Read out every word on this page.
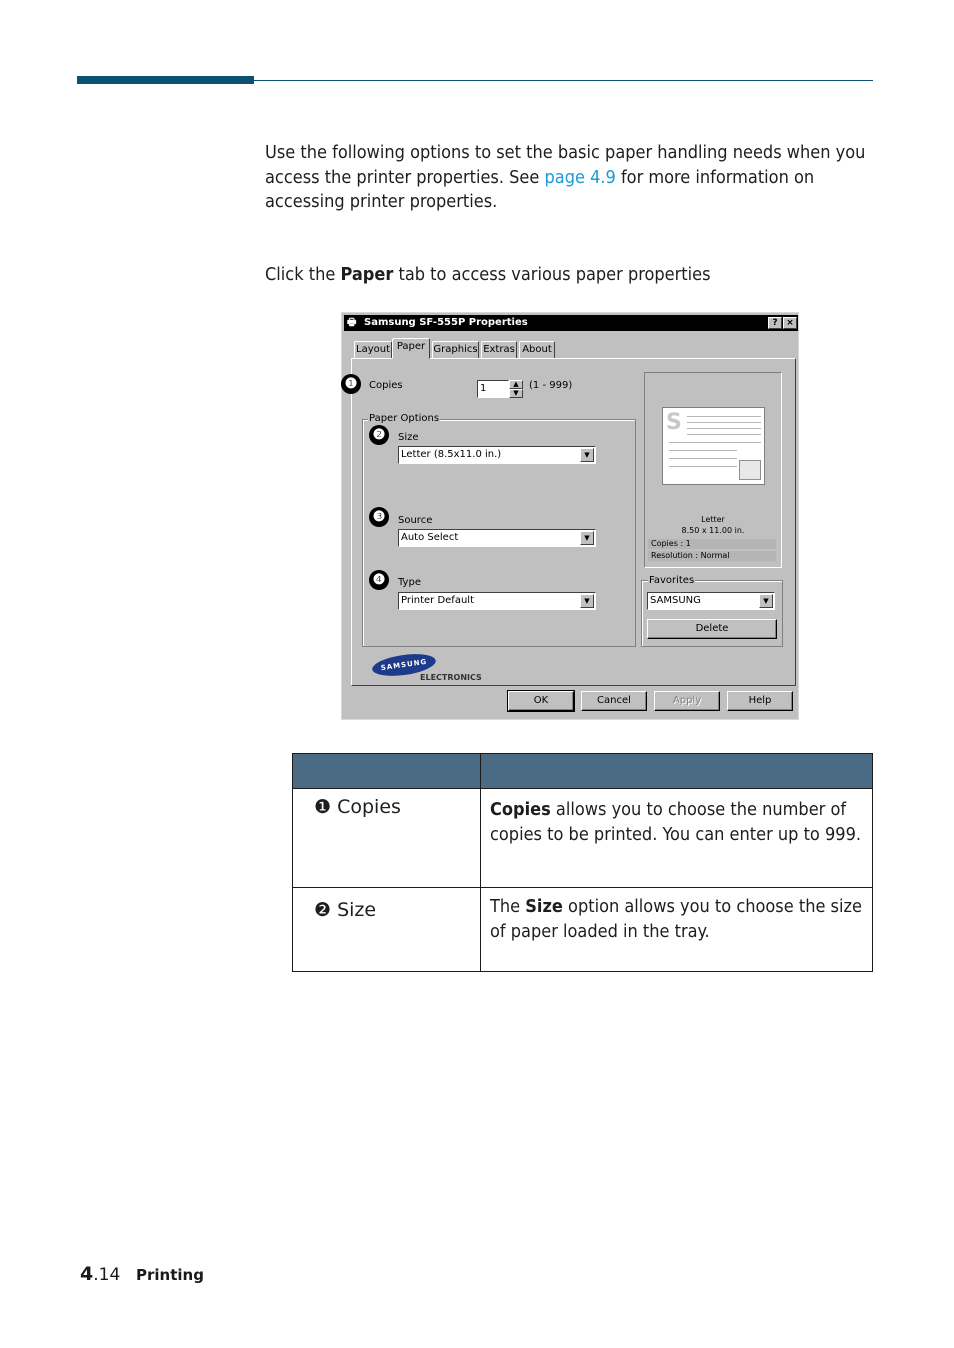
Use the following options to set the basic paper handling needs when you access the printer properties. See page 4.9 for more information on accessing printer properties.

Click the Paper tab to access various paper properties

🖶 Samsung SF-555P Properties	? ×
Layout Paper Graphics Extras About
❶	Copies	1	▲
▼
(1 - 999)
Paper Options
❷	Size
Letter (8.5x11.0 in.)	▼
❸	Source
Auto Select	▼
❹	Type
Printer Default	▼
S
Letter
8.50 x 11.00 in.
Copies : 1
Resolution : Normal
Favorites
SAMSUNG	▼
Delete
SAMSUNG
ELECTRONICS
OK	Cancel	Apply	Help
❶ Copies	Copies allows you to choose the number of copies to be printed. You can enter up to 999.

❷ Size	The Size option allows you to choose the size of paper loaded in the tray.

4.14 Printing
